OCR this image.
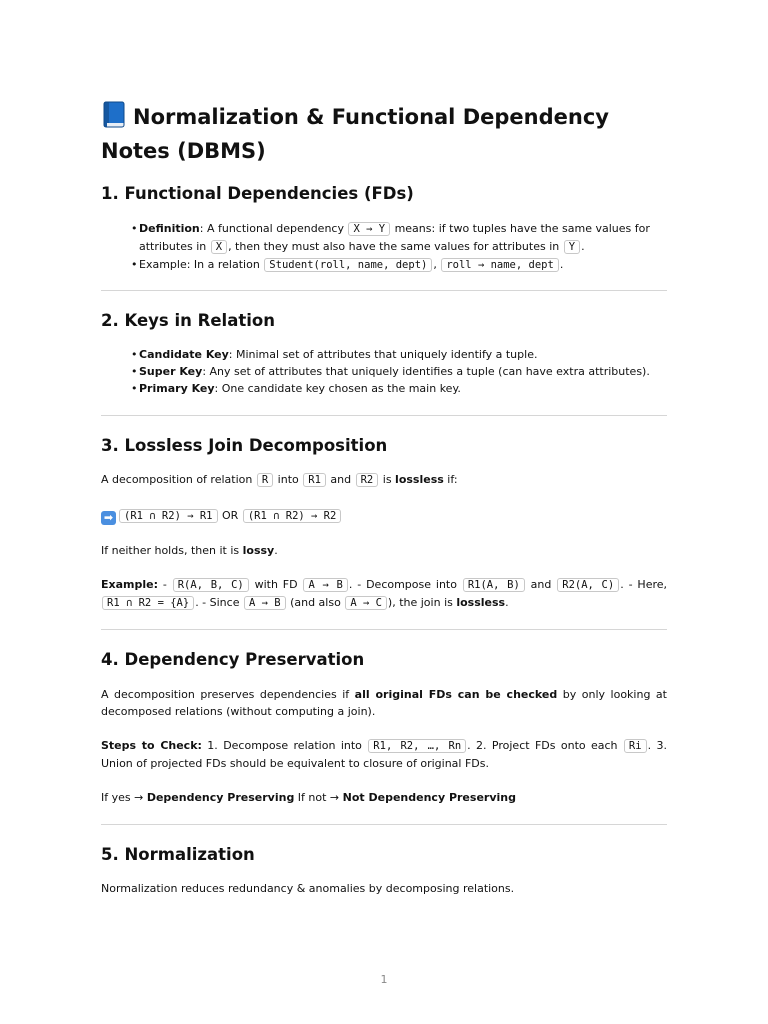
Normalization & Functional Dependency Notes (DBMS)
1. Functional Dependencies (FDs)
• Definition: A functional dependency X → Y means: if two tuples have the same values for attributes in X , then they must also have the same values for attributes in Y .
• Example: In a relation Student(roll, name, dept) , roll → name, dept .
2. Keys in Relation
• Candidate Key: Minimal set of attributes that uniquely identify a tuple.
• Super Key: Any set of attributes that uniquely identifies a tuple (can have extra attributes).
• Primary Key: One candidate key chosen as the main key.
3. Lossless Join Decomposition

A decomposition of relation R into R1 and R2 is lossless if:

➡ (R1 ∩ R2) → R1 OR (R1 ∩ R2) → R2

If neither holds, then it is lossy.

Example: - R(A, B, C) with FD A → B . - Decompose into R1(A, B) and R2(A, C) . - Here, R1 ∩ R2 = {A} . - Since A → B (and also A → C ), the join is lossless.

4. Dependency Preservation

A decomposition preserves dependencies if all original FDs can be checked by only looking at decomposed relations (without computing a join).

Steps to Check: 1. Decompose relation into R1, R2, …, Rn . 2. Project FDs onto each Ri . 3. Union of projected FDs should be equivalent to closure of original FDs.

If yes → Dependency Preserving If not → Not Dependency Preserving

5. Normalization

Normalization reduces redundancy & anomalies by decomposing relations.

1
